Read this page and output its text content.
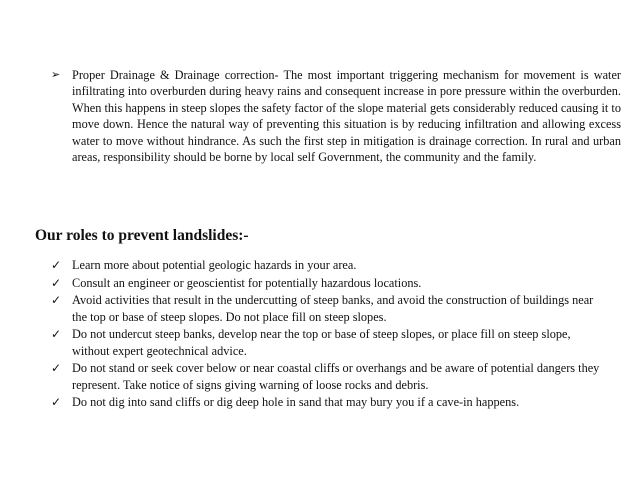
➢ Proper Drainage & Drainage correction- The most important triggering mechanism for movement is water infiltrating into overburden during heavy rains and consequent increase in pore pressure within the overburden. When this happens in steep slopes the safety factor of the slope material gets considerably reduced causing it to move down. Hence the natural way of preventing this situation is by reducing infiltration and allowing excess water to move without hindrance. As such the first step in mitigation is drainage correction. In rural and urban areas, responsibility should be borne by local self Government, the community and the family.
Our roles to prevent landslides:-
✓ Learn more about potential geologic hazards in your area.
✓ Consult an engineer or geoscientist for potentially hazardous locations.
✓ Avoid activities that result in the undercutting of steep banks, and avoid the construction of buildings near the top or base of steep slopes. Do not place fill on steep slopes.
✓ Do not undercut steep banks, develop near the top or base of steep slopes, or place fill on steep slope, without expert geotechnical advice.
✓ Do not stand or seek cover below or near coastal cliffs or overhangs and be aware of potential dangers they represent. Take notice of signs giving warning of loose rocks and debris.
✓ Do not dig into sand cliffs or dig deep hole in sand that may bury you if a cave-in happens.
